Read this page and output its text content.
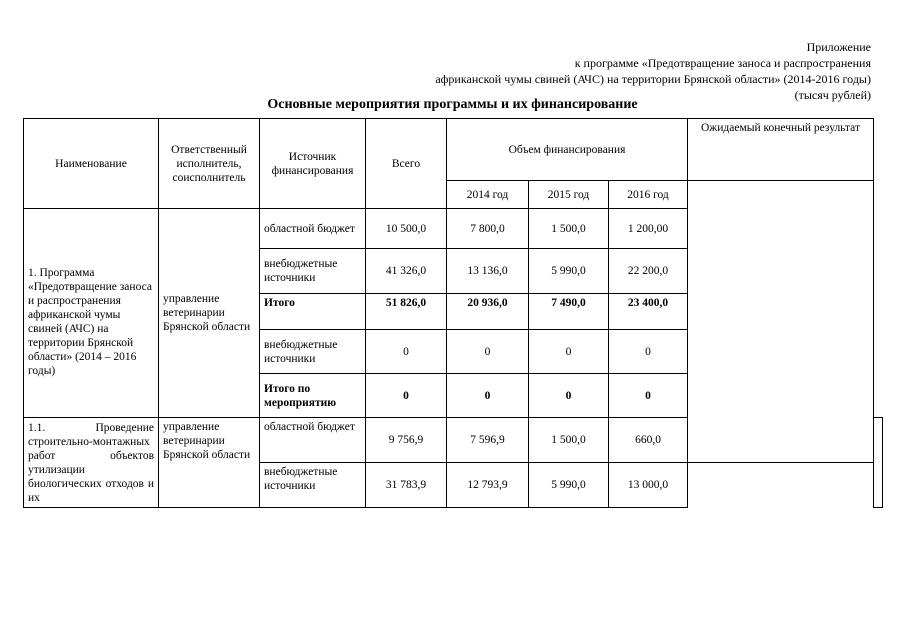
Приложение
к программе «Предотвращение заноса и распространения
африканской чумы свиней (АЧС) на территории Брянской области» (2014-2016 годы)
(тысяч рублей)
Основные мероприятия программы и их финансирование
Наименование	Ответственный исполнитель, соисполнитель	Источник финансирования	Всего	Объем финансирования			Ожидаемый конечный результат	
				2014 год	2015 год	2016 год		
1. Программа «Предотвращение заноса и распространения африканской чумы свиней (АЧС) на территории Брянской области» (2014 – 2016 годы)	управление ветеринарии Брянской области	областной бюджет	10 500,0	7 800,0	1 500,0	1 200,00		
		внебюджетные источники	41 326,0	13 136,0	5 990,0	22 200,0		
		Итого	51 826,0	20 936,0	7 490,0	23 400,0		
		внебюджетные источники	0	0	0	0		
		Итого по мероприятию	0	0	0	0		

1.1. Проведение строительно-монтажных работ объектов утилизации биологических отходов и их	управление ветеринарии Брянской области	областной бюджет	9 756,9	7 596,9	1 500,0	660,0	

		внебюджетные источники	31 783,9	12 793,9	5 990,0	13 000,0		
